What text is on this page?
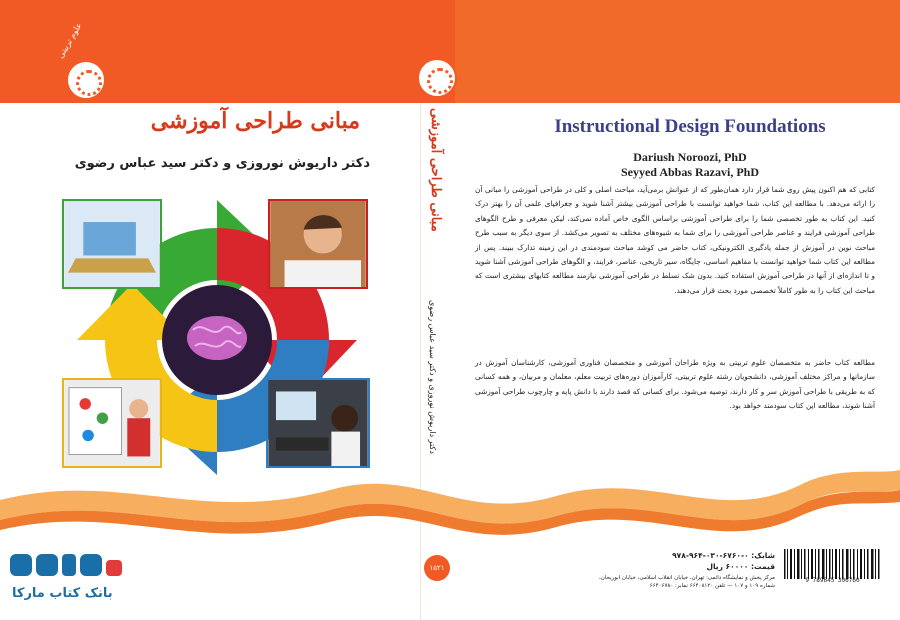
علوم تربیتی
مبانی طراحی آموزشی
دکتر داریوش نوروزی و دکتر سید عباس رضوی	مبانی طراحی آموزشی
دکتر داریوش نوروزی و دکتر سید عباس رضوی
۱۵۲۱
Instructional Design Foundations
Dariush Noroozi, PhD
Seyyed Abbas Razavi, PhD
کتابی که هم اکنون پیش روی شما قرار دارد همان‌طور که از عنوانش برمی‌آید، مباحث اصلی و کلی در طراحی آموزشی را مبانی آن را ارائه می‌دهد. با مطالعه این کتاب، شما خواهید توانست با طراحی آموزشی بیشتر آشنا شوید و جغرافیای علمی آن را بهتر درک کنید. این کتاب به طور تخصصی شما را برای طراحی آموزشی براساس الگوی خاص آماده نمی‌کند، لیکن معرفی و طرح الگوهای طراحی آموزشی فرایند و عناصر طراحی آموزشی را برای شما به شیوه‌های مختلف به تصویر می‌کشد. از سوی دیگر به سبب طرح مباحث نوین در آموزش از جمله یادگیری الکترونیکی، کتاب حاضر می کوشد مباحث سودمندی در این زمینه تدارک ببیند. پس از مطالعه این کتاب شما خواهید توانست با مفاهیم اساسی، جایگاه، سیر تاریخی، عناصر، فرایند، و الگوهای طراحی آموزشی آشنا شوید و تا اندازه‌ای از آنها در طراحی آموزش استفاده کنید. بدون شک تسلط در طراحی آموزشی نیازمند مطالعه کتابهای بیشتری است که مباحث این کتاب را به طور کاملاً تخصصی مورد بحث قرار می‌دهند.
مطالعه کتاب حاضر به متخصصان علوم تربیتی به ویژه طراحان آموزشی و متخصصان فناوری آموزشی، کارشناسان آموزش در سازمانها و مراکز مختلف آموزشی، دانشجویان رشته علوم تربیتی، کارآموزان دوره‌های تربیت معلم، معلمان و مربیان، و همه کسانی که به طریقی با طراحی آموزش سر و کار دارند، توصیه می‌شود. برای کسانی که قصد دارند با دانش پایه و چارچوب طراحی آموزشی آشنا شوند، مطالعه این کتاب سودمند خواهد بود.
شابک: ۰-۶۷۶۰-۰۳۰-۹۶۴-۹۷۸
قیمت: ۶۰۰۰۰ ریال
مرکز پخش و نمایشگاه دائمی: تهران، خیابان انقلاب اسلامی، خیابان ابوریحان،
شماره ۱۰۹ و ۱۰۷ — تلفن ۶۶۴۰۸۱۲۰ نمابر: ۶۶۴۰۶۷۸۰
9 789645 306760
بانک کتاب مارکا
